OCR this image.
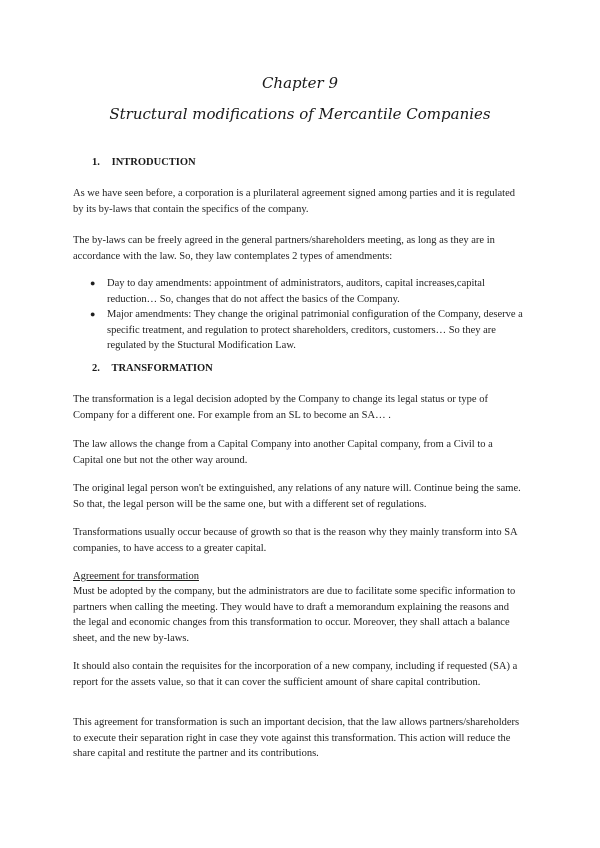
Chapter 9
Structural modifications of Mercantile Companies
1. INTRODUCTION

As we have seen before, a corporation is a plurilateral agreement signed among parties and it is regulated by its by-laws that contain the specifics of the company.

The by-laws can be freely agreed in the general partners/shareholders meeting, as long as they are in accordance with the law. So, they law contemplates 2 types of amendments:

● Day to day amendments: appointment of administrators, auditors, capital increases,capital reduction… So, changes that do not affect the basics of the Company.
● Major amendments: They change the original patrimonial configuration of the Company, deserve a specific treatment, and regulation to protect shareholders, creditors, customers… So they are regulated by the Stuctural Modification Law.
2. TRANSFORMATION

The transformation is a legal decision adopted by the Company to change its legal status or type of Company for a different one. For example from an SL to become an SA… .

The law allows the change from a Capital Company into another Capital company, from a Civil to a Capital one but not the other way around.

The original legal person won't be extinguished, any relations of any nature will. Continue being the same. So that, the legal person will be the same one, but with a different set of regulations.

Transformations usually occur because of growth so that is the reason why they mainly transform into SA companies, to have access to a greater capital.

Agreement for transformation

Must be adopted by the company, but the administrators are due to facilitate some specific information to partners when calling the meeting. They would have to draft a memorandum explaining the reasons and the legal and economic changes from this transformation to occur. Moreover, they shall attach a balance sheet, and the new by-laws.

It should also contain the requisites for the incorporation of a new company, including if requested (SA) a report for the assets value, so that it can cover the sufficient amount of share capital contribution.

This agreement for transformation is such an important decision, that the law allows partners/shareholders to execute their separation right in case they vote against this transformation. This action will reduce the share capital and restitute the partner and its contributions.
